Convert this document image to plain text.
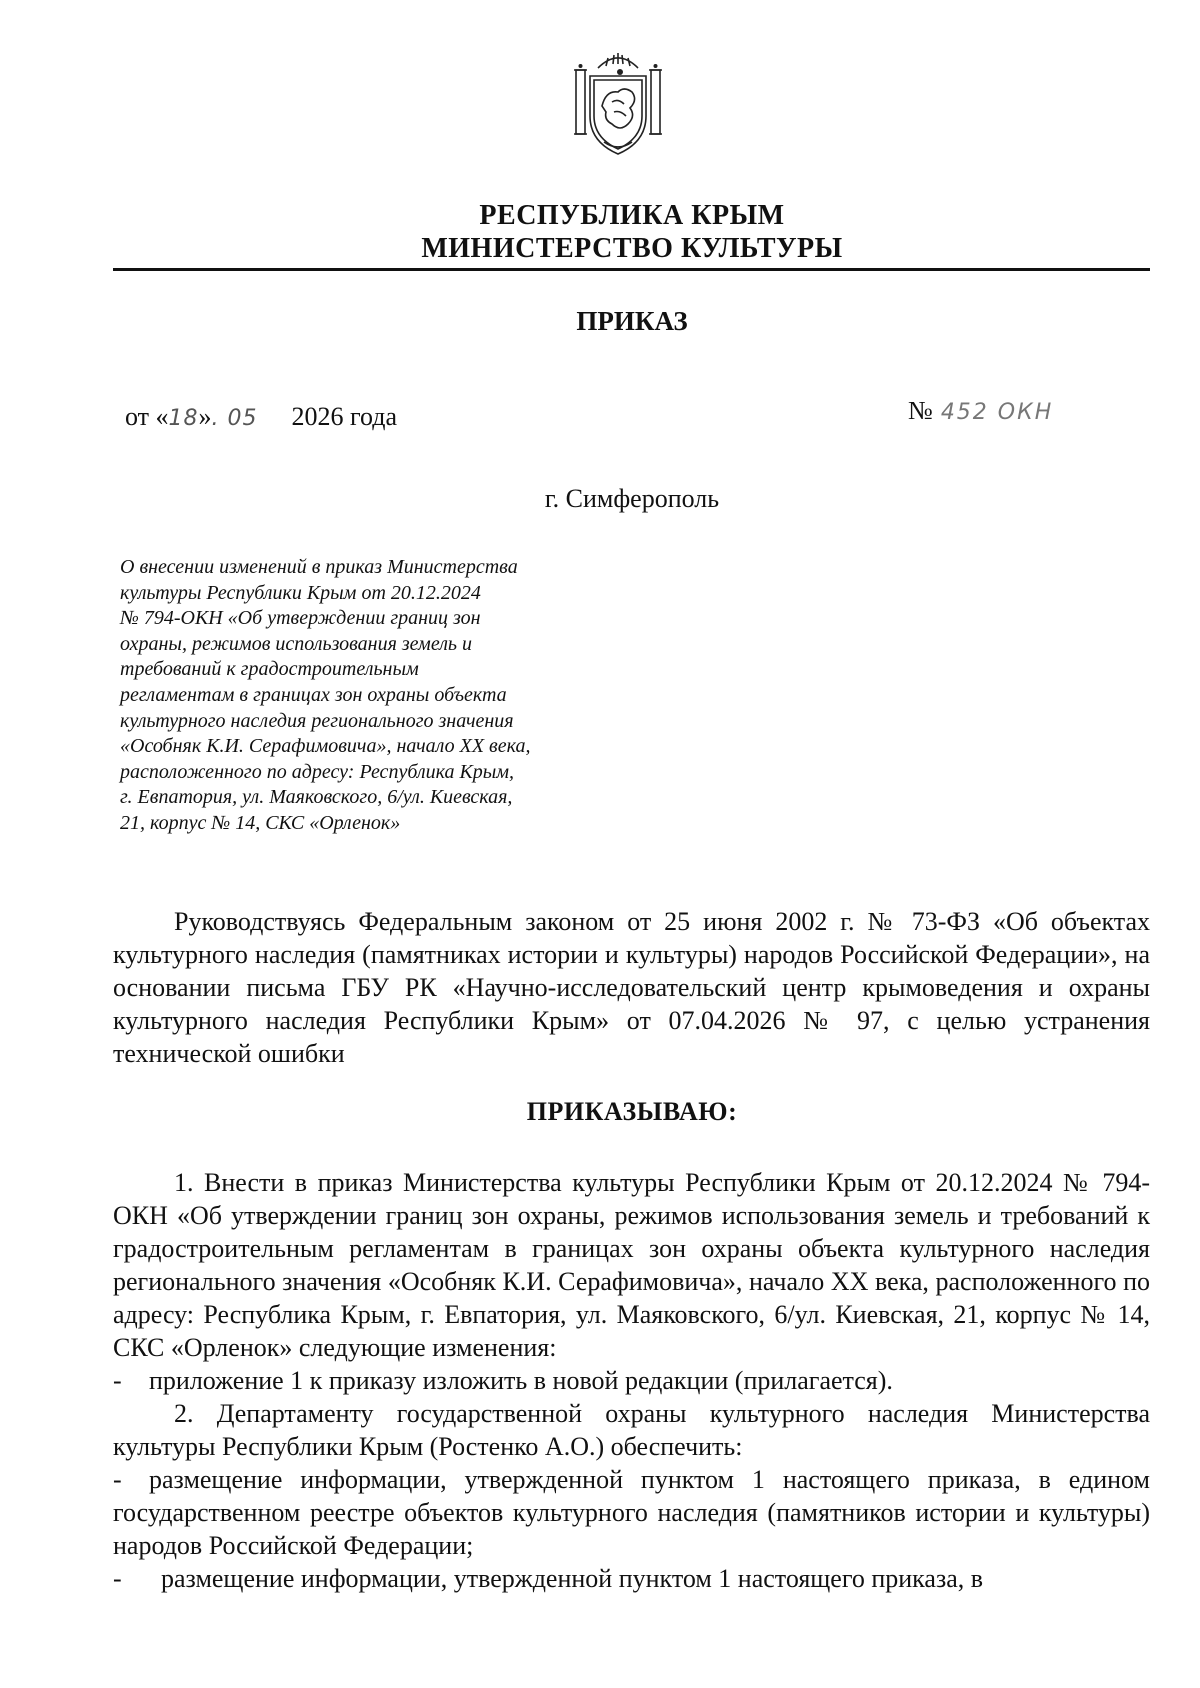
РЕСПУБЛИКА КРЫМ
МИНИСТЕРСТВО КУЛЬТУРЫ
ПРИКАЗ
от «18». 05 2026 года	№ 452 ОКН
г. Симферополь
О внесении изменений в приказ Министерства
культуры Республики Крым от 20.12.2024
№ 794-ОКН «Об утверждении границ зон
охраны, режимов использования земель и
требований к градостроительным
регламентам в границах зон охраны объекта
культурного наследия регионального значения
«Особняк К.И. Серафимовича», начало XX века,
расположенного по адресу: Республика Крым,
г. Евпатория, ул. Маяковского, 6/ул. Киевская,
21, корпус № 14, СКС «Орленок»
Руководствуясь Федеральным законом от 25 июня 2002 г. № 73-ФЗ «Об объектах культурного наследия (памятниках истории и культуры) народов Российской Федерации», на основании письма ГБУ РК «Научно-исследовательский центр крымоведения и охраны культурного наследия Республики Крым» от 07.04.2026 № 97, с целью устранения технической ошибки
ПРИКАЗЫВАЮ:
1. Внести в приказ Министерства культуры Республики Крым от 20.12.2024 № 794-ОКН «Об утверждении границ зон охраны, режимов использования земель и требований к градостроительным регламентам в границах зон охраны объекта культурного наследия регионального значения «Особняк К.И. Серафимовича», начало XX века, расположенного по адресу: Республика Крым, г. Евпатория, ул. Маяковского, 6/ул. Киевская, 21, корпус № 14, СКС «Орленок» следующие изменения:
- приложение 1 к приказу изложить в новой редакции (прилагается).
2. Департаменту государственной охраны культурного наследия Министерства культуры Республики Крым (Ростенко А.О.) обеспечить:
- размещение информации, утвержденной пунктом 1 настоящего приказа, в едином государственном реестре объектов культурного наследия (памятников истории и культуры) народов Российской Федерации;
- размещение информации, утвержденной пунктом 1 настоящего приказа, в
